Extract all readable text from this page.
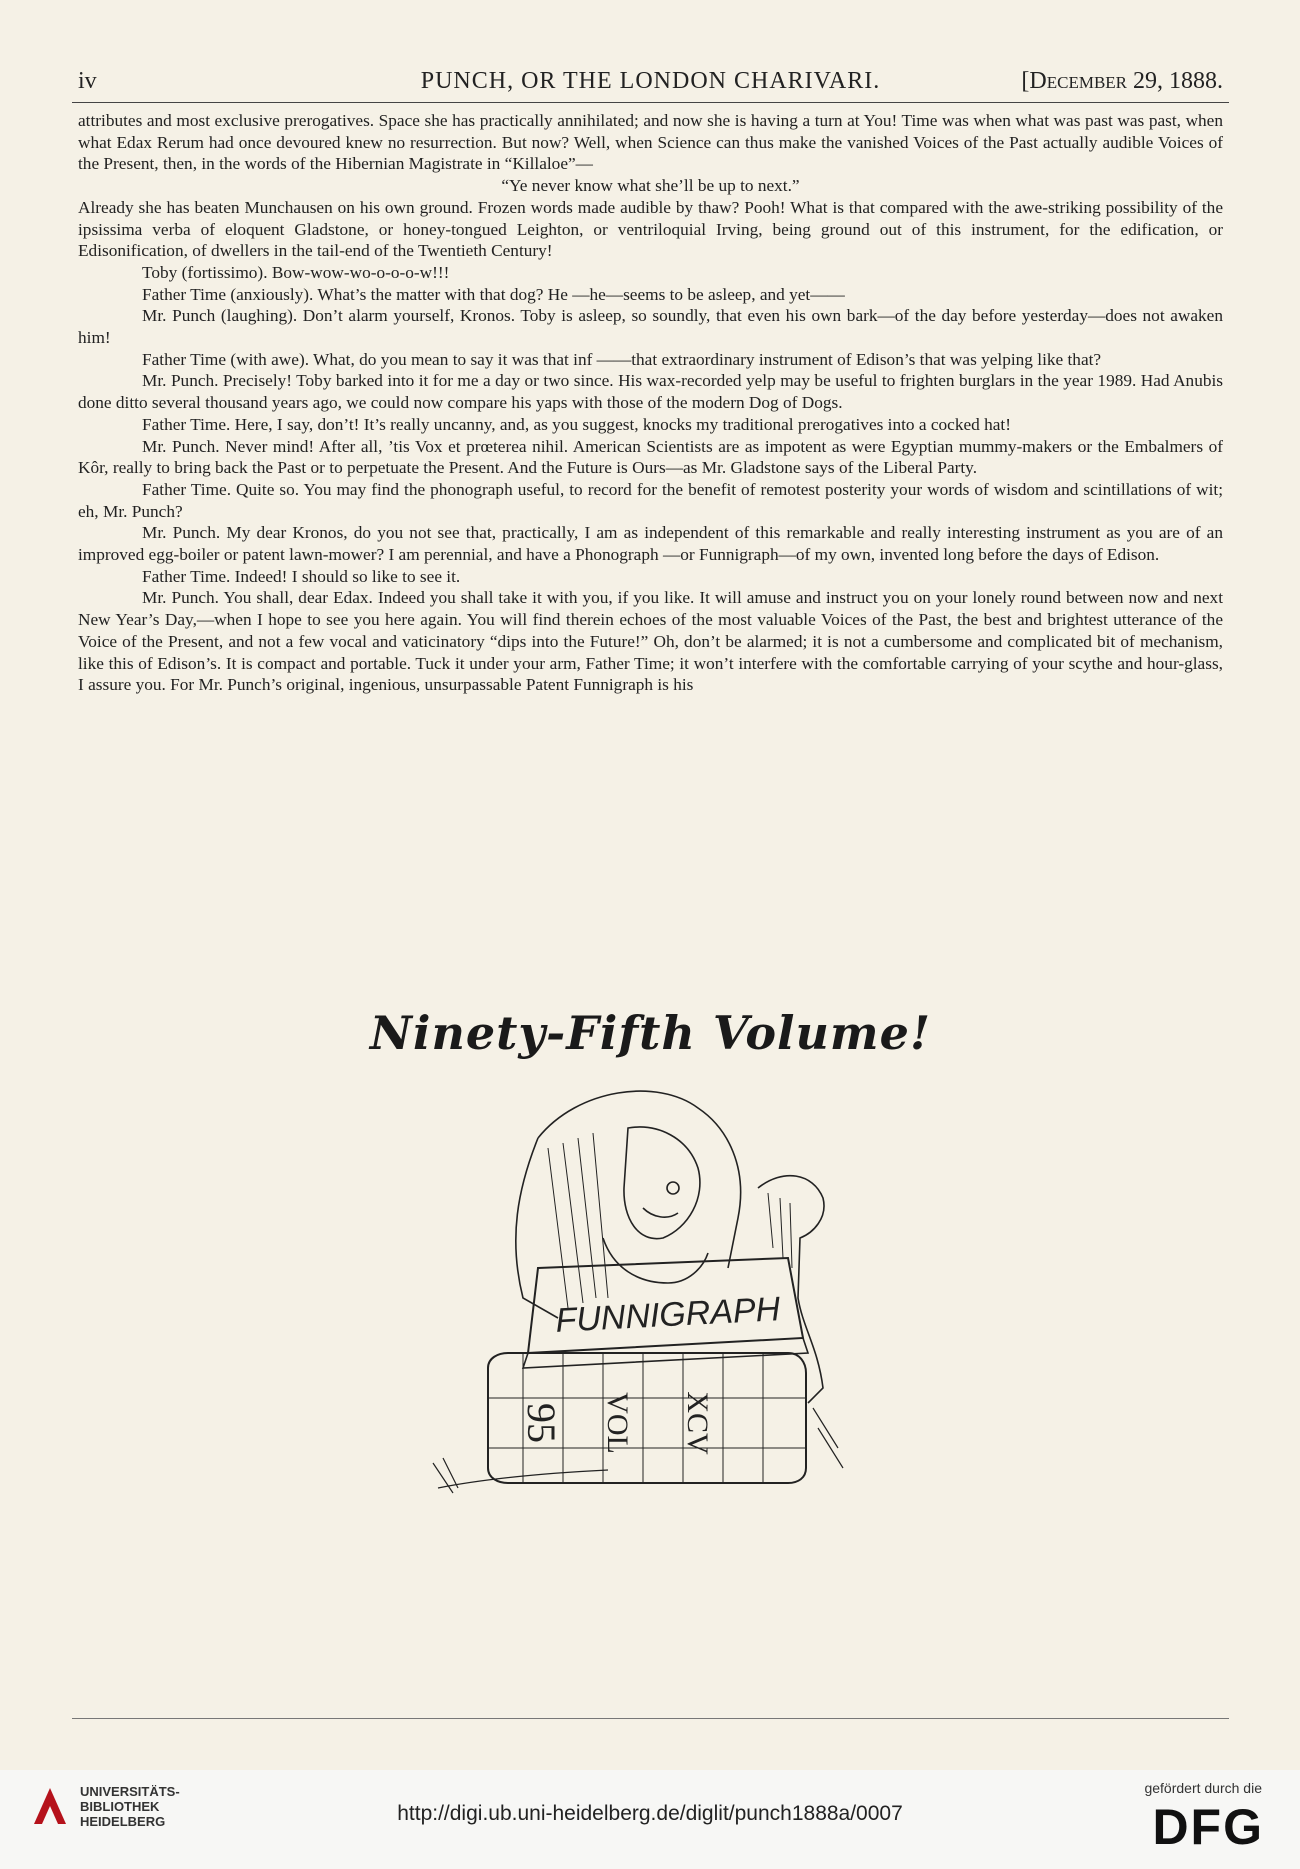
iv	PUNCH, OR THE LONDON CHARIVARI.	[December 29, 1888.

attributes and most exclusive prerogatives. Space she has practically annihilated; and now she is having a turn at You! Time was when what was past was past, when what Edax Rerum had once devoured knew no resurrection. But now? Well, when Science can thus make the vanished Voices of the Past actually audible Voices of the Present, then, in the words of the Hibernian Magistrate in “Killaloe”—

“Ye never know what she’ll be up to next.”

Already she has beaten Munchausen on his own ground. Frozen words made audible by thaw? Pooh! What is that compared with the awe-striking possibility of the ipsissima verba of eloquent Gladstone, or honey-tongued Leighton, or ventriloquial Irving, being ground out of this instrument, for the edification, or Edisonification, of dwellers in the tail-end of the Twentieth Century!

Toby (fortissimo). Bow-wow-wo-o-o-o-w!!!

Father Time (anxiously). What’s the matter with that dog? He —he—seems to be asleep, and yet——

Mr. Punch (laughing). Don’t alarm yourself, Kronos. Toby is asleep, so soundly, that even his own bark—of the day before yesterday—does not awaken him!

Father Time (with awe). What, do you mean to say it was that inf ——that extraordinary instrument of Edison’s that was yelping like that?

Mr. Punch. Precisely! Toby barked into it for me a day or two since. His wax-recorded yelp may be useful to frighten burglars in the year 1989. Had Anubis done ditto several thousand years ago, we could now compare his yaps with those of the modern Dog of Dogs.

Father Time. Here, I say, don’t! It’s really uncanny, and, as you suggest, knocks my traditional prerogatives into a cocked hat!

Mr. Punch. Never mind! After all, ’tis Vox et prœterea nihil. American Scientists are as impotent as were Egyptian mummy-makers or the Embalmers of Kôr, really to bring back the Past or to perpetuate the Present. And the Future is Ours—as Mr. Gladstone says of the Liberal Party.

Father Time. Quite so. You may find the phonograph useful, to record for the benefit of remotest posterity your words of wisdom and scintillations of wit; eh, Mr. Punch?

Mr. Punch. My dear Kronos, do you not see that, practically, I am as independent of this remarkable and really interesting instrument as you are of an improved egg-boiler or patent lawn-mower? I am perennial, and have a Phonograph —or Funnigraph—of my own, invented long before the days of Edison.

Father Time. Indeed! I should so like to see it.

Mr. Punch. You shall, dear Edax. Indeed you shall take it with you, if you like. It will amuse and instruct you on your lonely round between now and next New Year’s Day,—when I hope to see you here again. You will find therein echoes of the most valuable Voices of the Past, the best and brightest utterance of the Voice of the Present, and not a few vocal and vaticinatory “dips into the Future!” Oh, don’t be alarmed; it is not a cumbersome and complicated bit of mechanism, like this of Edison’s. It is compact and portable. Tuck it under your arm, Father Time; it won’t interfere with the comfortable carrying of your scythe and hour-glass, I assure you. For Mr. Punch’s original, ingenious, unsurpassable Patent Funnigraph is his

Ninety-Fifth Volume!
FUNNIGRAPH
95 VOL XCV
UNIVERSITÄTS-
BIBLIOTHEK
HEIDELBERG	http://digi.ub.uni-heidelberg.de/diglit/punch1888a/0007
gefördert durch die
DFG
